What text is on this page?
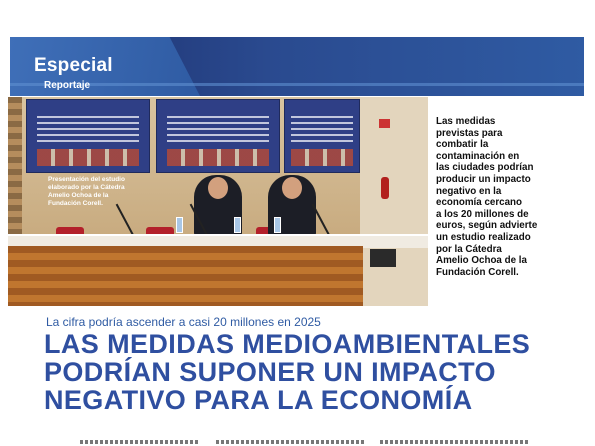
Especial
Reportaje
Presentación del estudio elaborado por la Cátedra Amelio Ochoa de la Fundación Corell.
Las medidas
previstas para
combatir la
contaminación en
las ciudades podrían
producir un impacto
negativo en la
economía cercano
a los 20 millones de
euros, según advierte
un estudio realizado
por la Cátedra
Amelio Ochoa de la
Fundación Corell.
La cifra podría ascender a casi 20 millones en 2025
LAS MEDIDAS MEDIOAMBIENTALES
PODRÍAN SUPONER UN IMPACTO
NEGATIVO PARA LA ECONOMÍA
